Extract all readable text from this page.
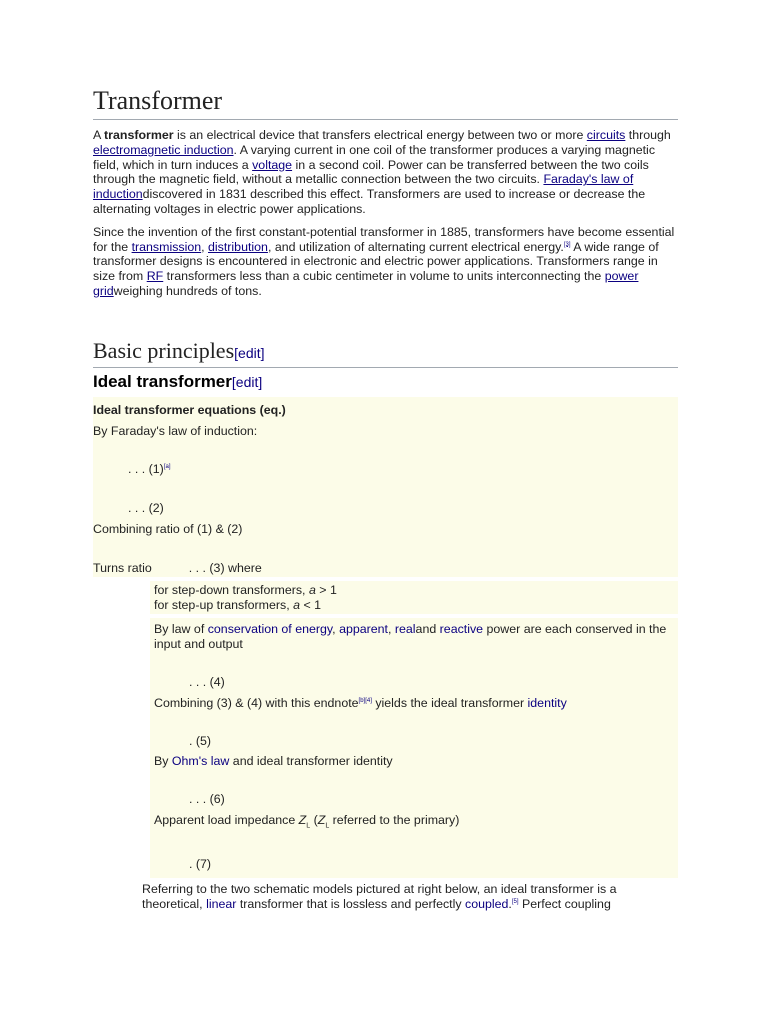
Transformer

A transformer is an electrical device that transfers electrical energy between two or more circuits through electromagnetic induction. A varying current in one coil of the transformer produces a varying magnetic field, which in turn induces a voltage in a second coil. Power can be transferred between the two coils through the magnetic field, without a metallic connection between the two circuits. Faraday's law of inductiondiscovered in 1831 described this effect. Transformers are used to increase or decrease the alternating voltages in electric power applications.

Since the invention of the first constant-potential transformer in 1885, transformers have become essential for the transmission, distribution, and utilization of alternating current electrical energy.[3] A wide range of transformer designs is encountered in electronic and electric power applications. Transformers range in size from RF transformers less than a cubic centimeter in volume to units interconnecting the power gridweighing hundreds of tons.

Basic principles[edit]
Ideal transformer[edit]
Ideal transformer equations (eq.)
By Faraday's law of induction:
. . . (1)[a]
. . . (2)
Combining ratio of (1) & (2)
Turns ratio	. . . (3) where
for step-down transformers, a > 1
for step-up transformers, a < 1
By law of conservation of energy, apparent, realand reactive power are each conserved in the input and output
. . . (4)
Combining (3) & (4) with this endnote[b][4] yields the ideal transformer identity
. (5)
By Ohm's law and ideal transformer identity
. . . (6)
Apparent load impedance $Z_L$ ($Z_L$ referred to the primary)
. (7)

Referring to the two schematic models pictured at right below, an ideal transformer is a theoretical, linear transformer that is lossless and perfectly coupled.[5] Perfect coupling
